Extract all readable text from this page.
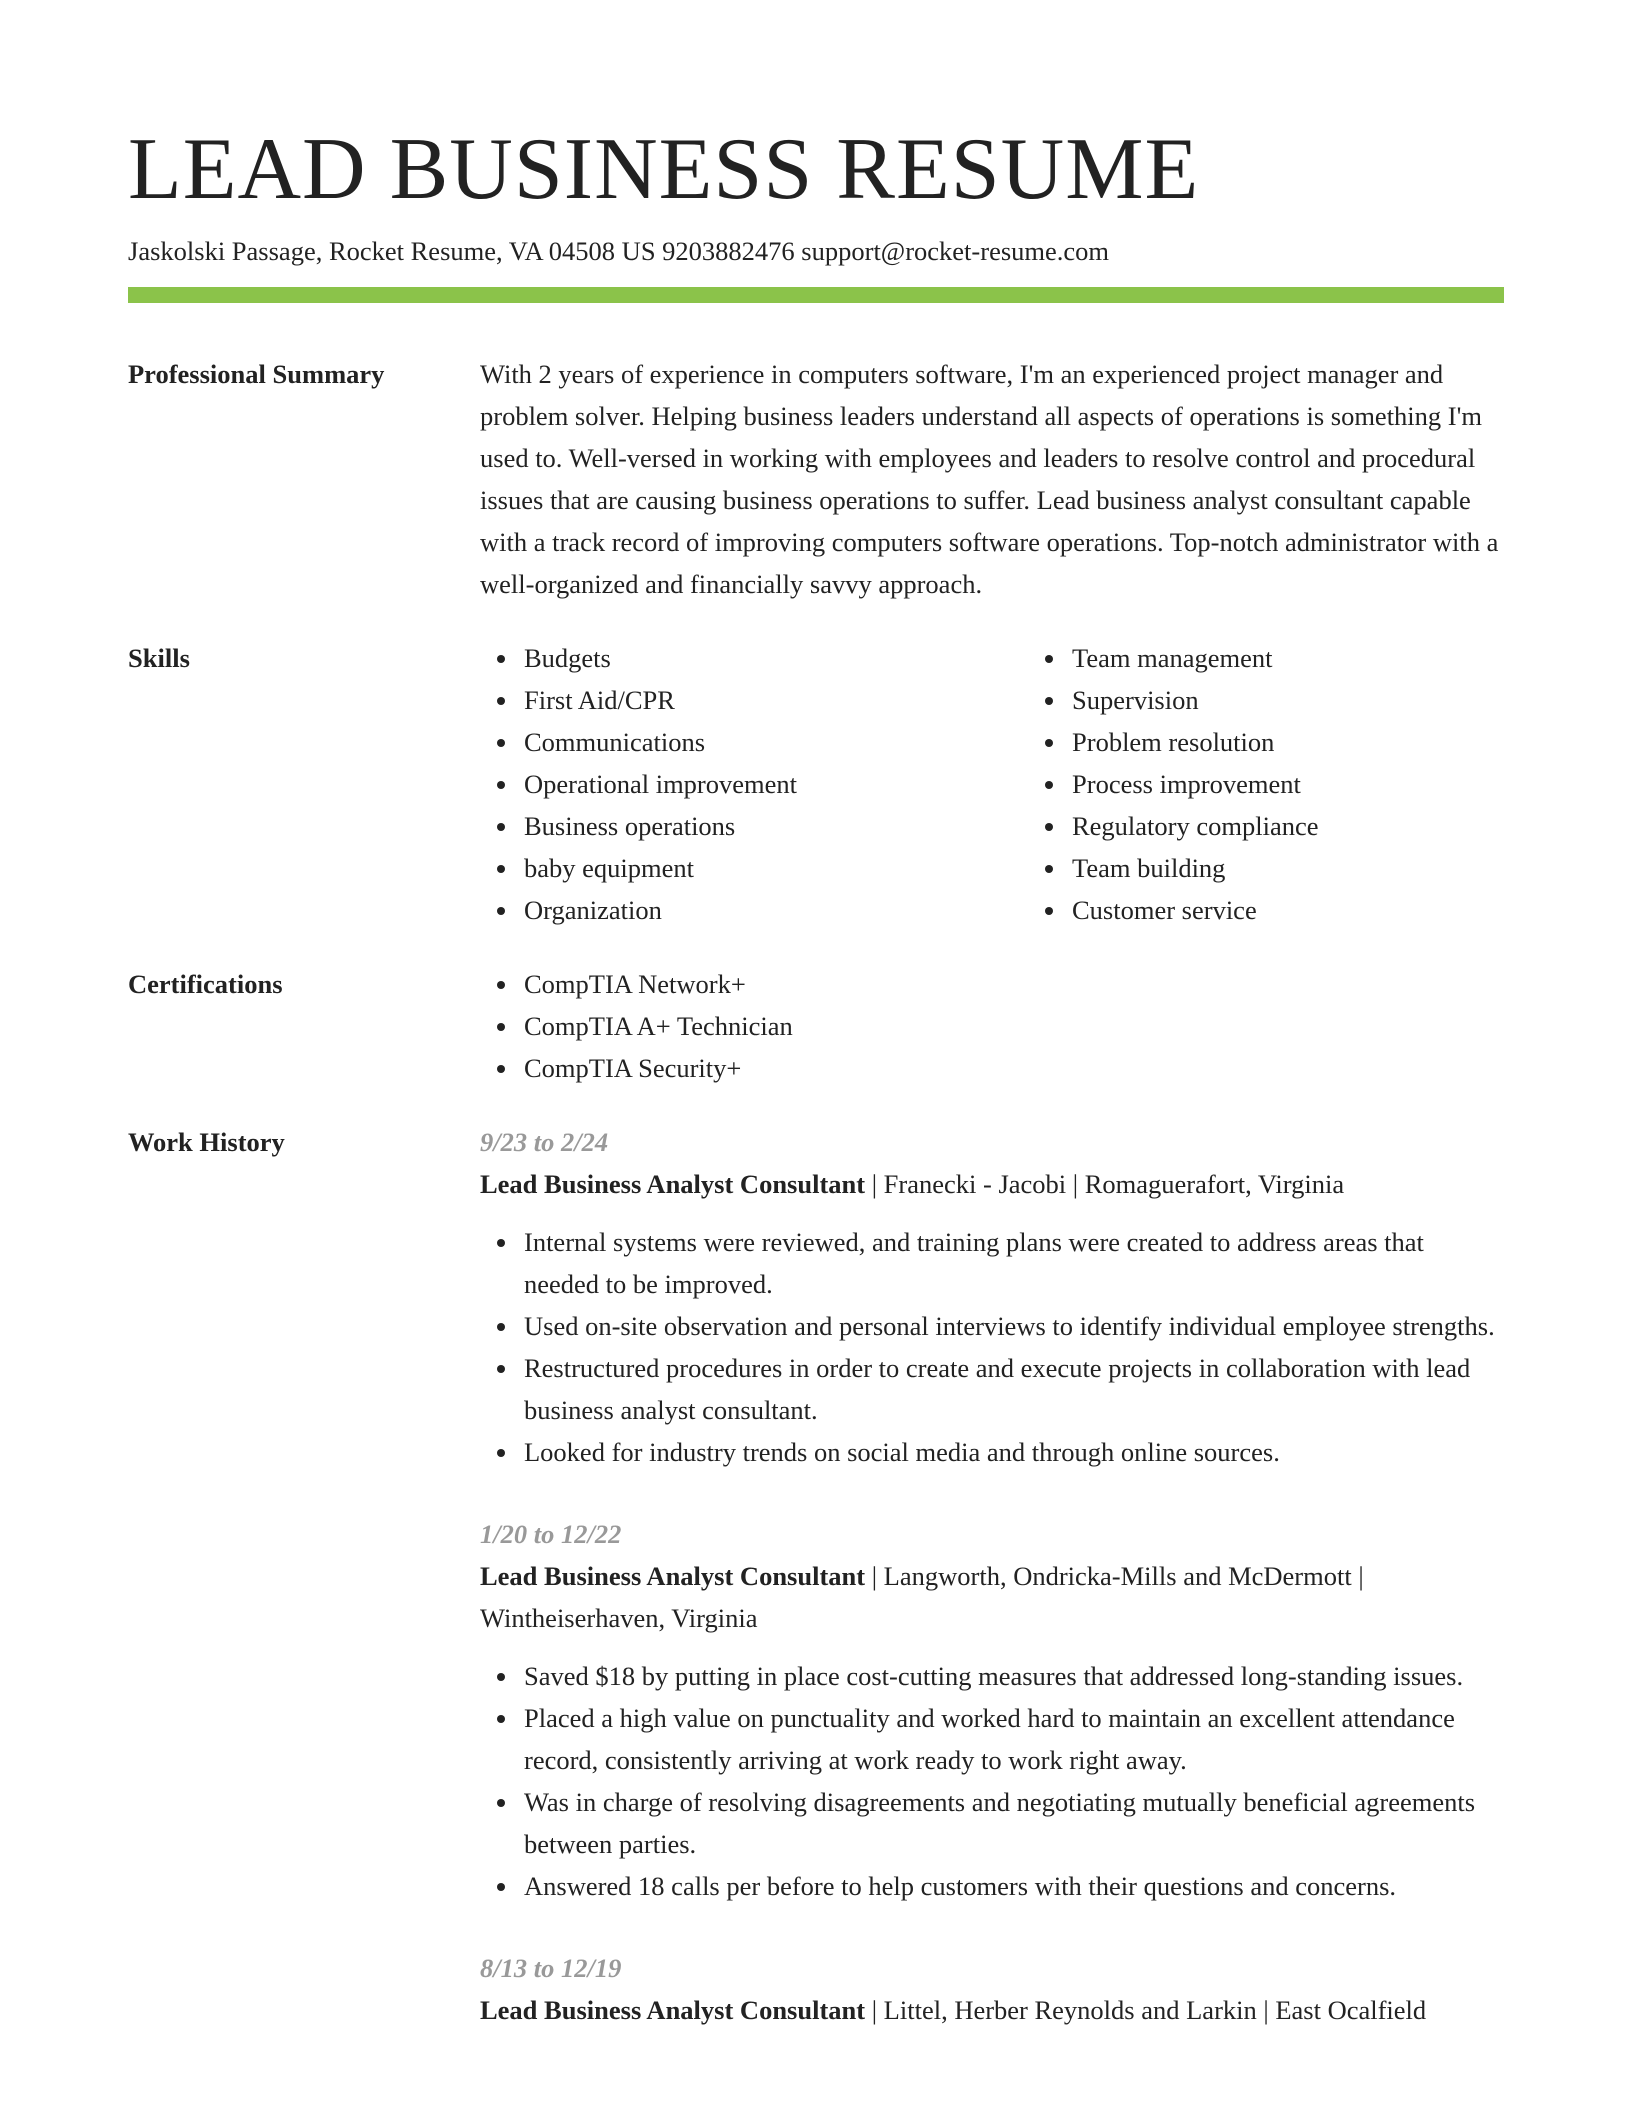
LEAD BUSINESS RESUME
Jaskolski Passage, Rocket Resume, VA 04508 US 9203882476 support@rocket-resume.com
Professional Summary	With 2 years of experience in computers software, I'm an experienced project manager and problem solver. Helping business leaders understand all aspects of operations is something I'm used to. Well-versed in working with employees and leaders to resolve control and procedural issues that are causing business operations to suffer. Lead business analyst consultant capable with a track record of improving computers software operations. Top-notch administrator with a well-organized and financially savvy approach.
Skills	Budgets
First Aid/CPR
Communications
Operational improvement
Business operations
baby equipment
Organization
Team management
Supervision
Problem resolution
Process improvement
Regulatory compliance
Team building
Customer service
Certifications	CompTIA Network+
CompTIA A+ Technician
CompTIA Security+
Work History	9/23 to 2/24
Lead Business Analyst Consultant | Franecki - Jacobi | Romaguerafort, Virginia
Internal systems were reviewed, and training plans were created to address areas that needed to be improved.
Used on-site observation and personal interviews to identify individual employee strengths.
Restructured procedures in order to create and execute projects in collaboration with lead business analyst consultant.
Looked for industry trends on social media and through online sources.
1/20 to 12/22
Lead Business Analyst Consultant | Langworth, Ondricka-Mills and McDermott | Wintheiserhaven, Virginia
Saved $18 by putting in place cost-cutting measures that addressed long-standing issues.
Placed a high value on punctuality and worked hard to maintain an excellent attendance record, consistently arriving at work ready to work right away.
Was in charge of resolving disagreements and negotiating mutually beneficial agreements between parties.
Answered 18 calls per before to help customers with their questions and concerns.
8/13 to 12/19
Lead Business Analyst Consultant | Littel, Herber Reynolds and Larkin | East Ocalfield
